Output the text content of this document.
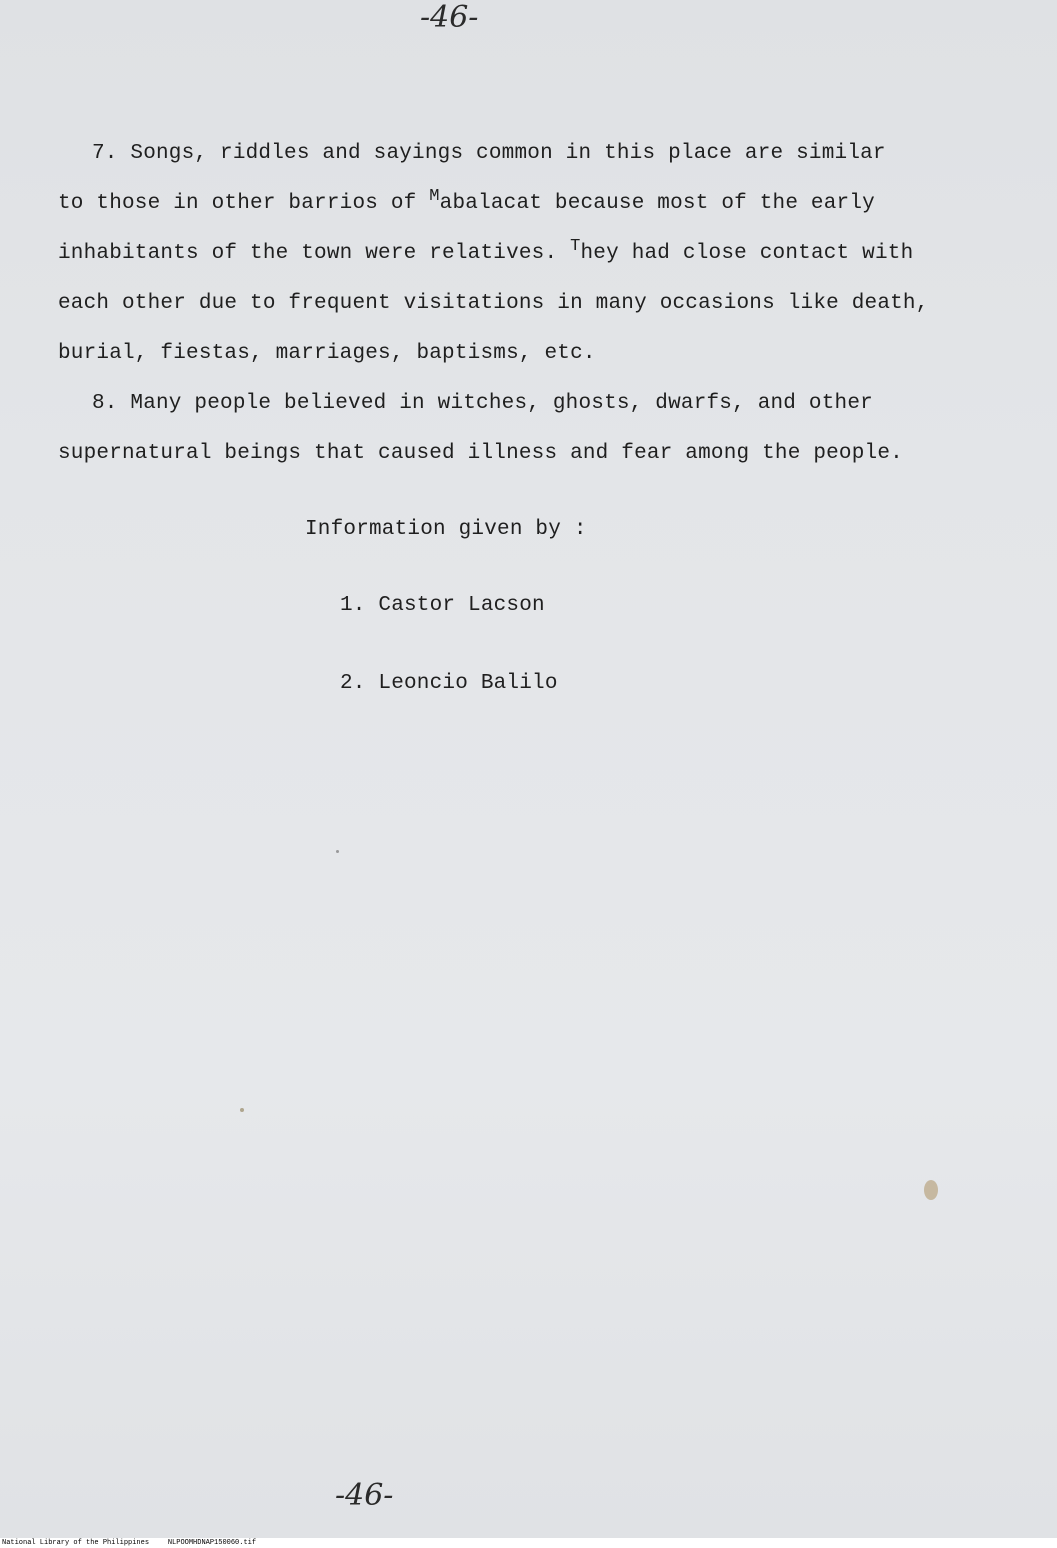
-46-
7. Songs, riddles and sayings common in this place are similar
to those in other barrios of $^M$abalacat because most of the early
inhabitants of the town were relatives. $^T$hey had close contact with
each other due to frequent visitations in many occasions like death,
burial, fiestas, marriages, baptisms, etc.
8. Many people believed in witches, ghosts, dwarfs, and other
supernatural beings that caused illness and fear among the people.
Information given by :
1. Castor Lacson
2. Leoncio Balilo
-46-
National Library of the Philippines	NLPOOMHDNAP150060.tif
